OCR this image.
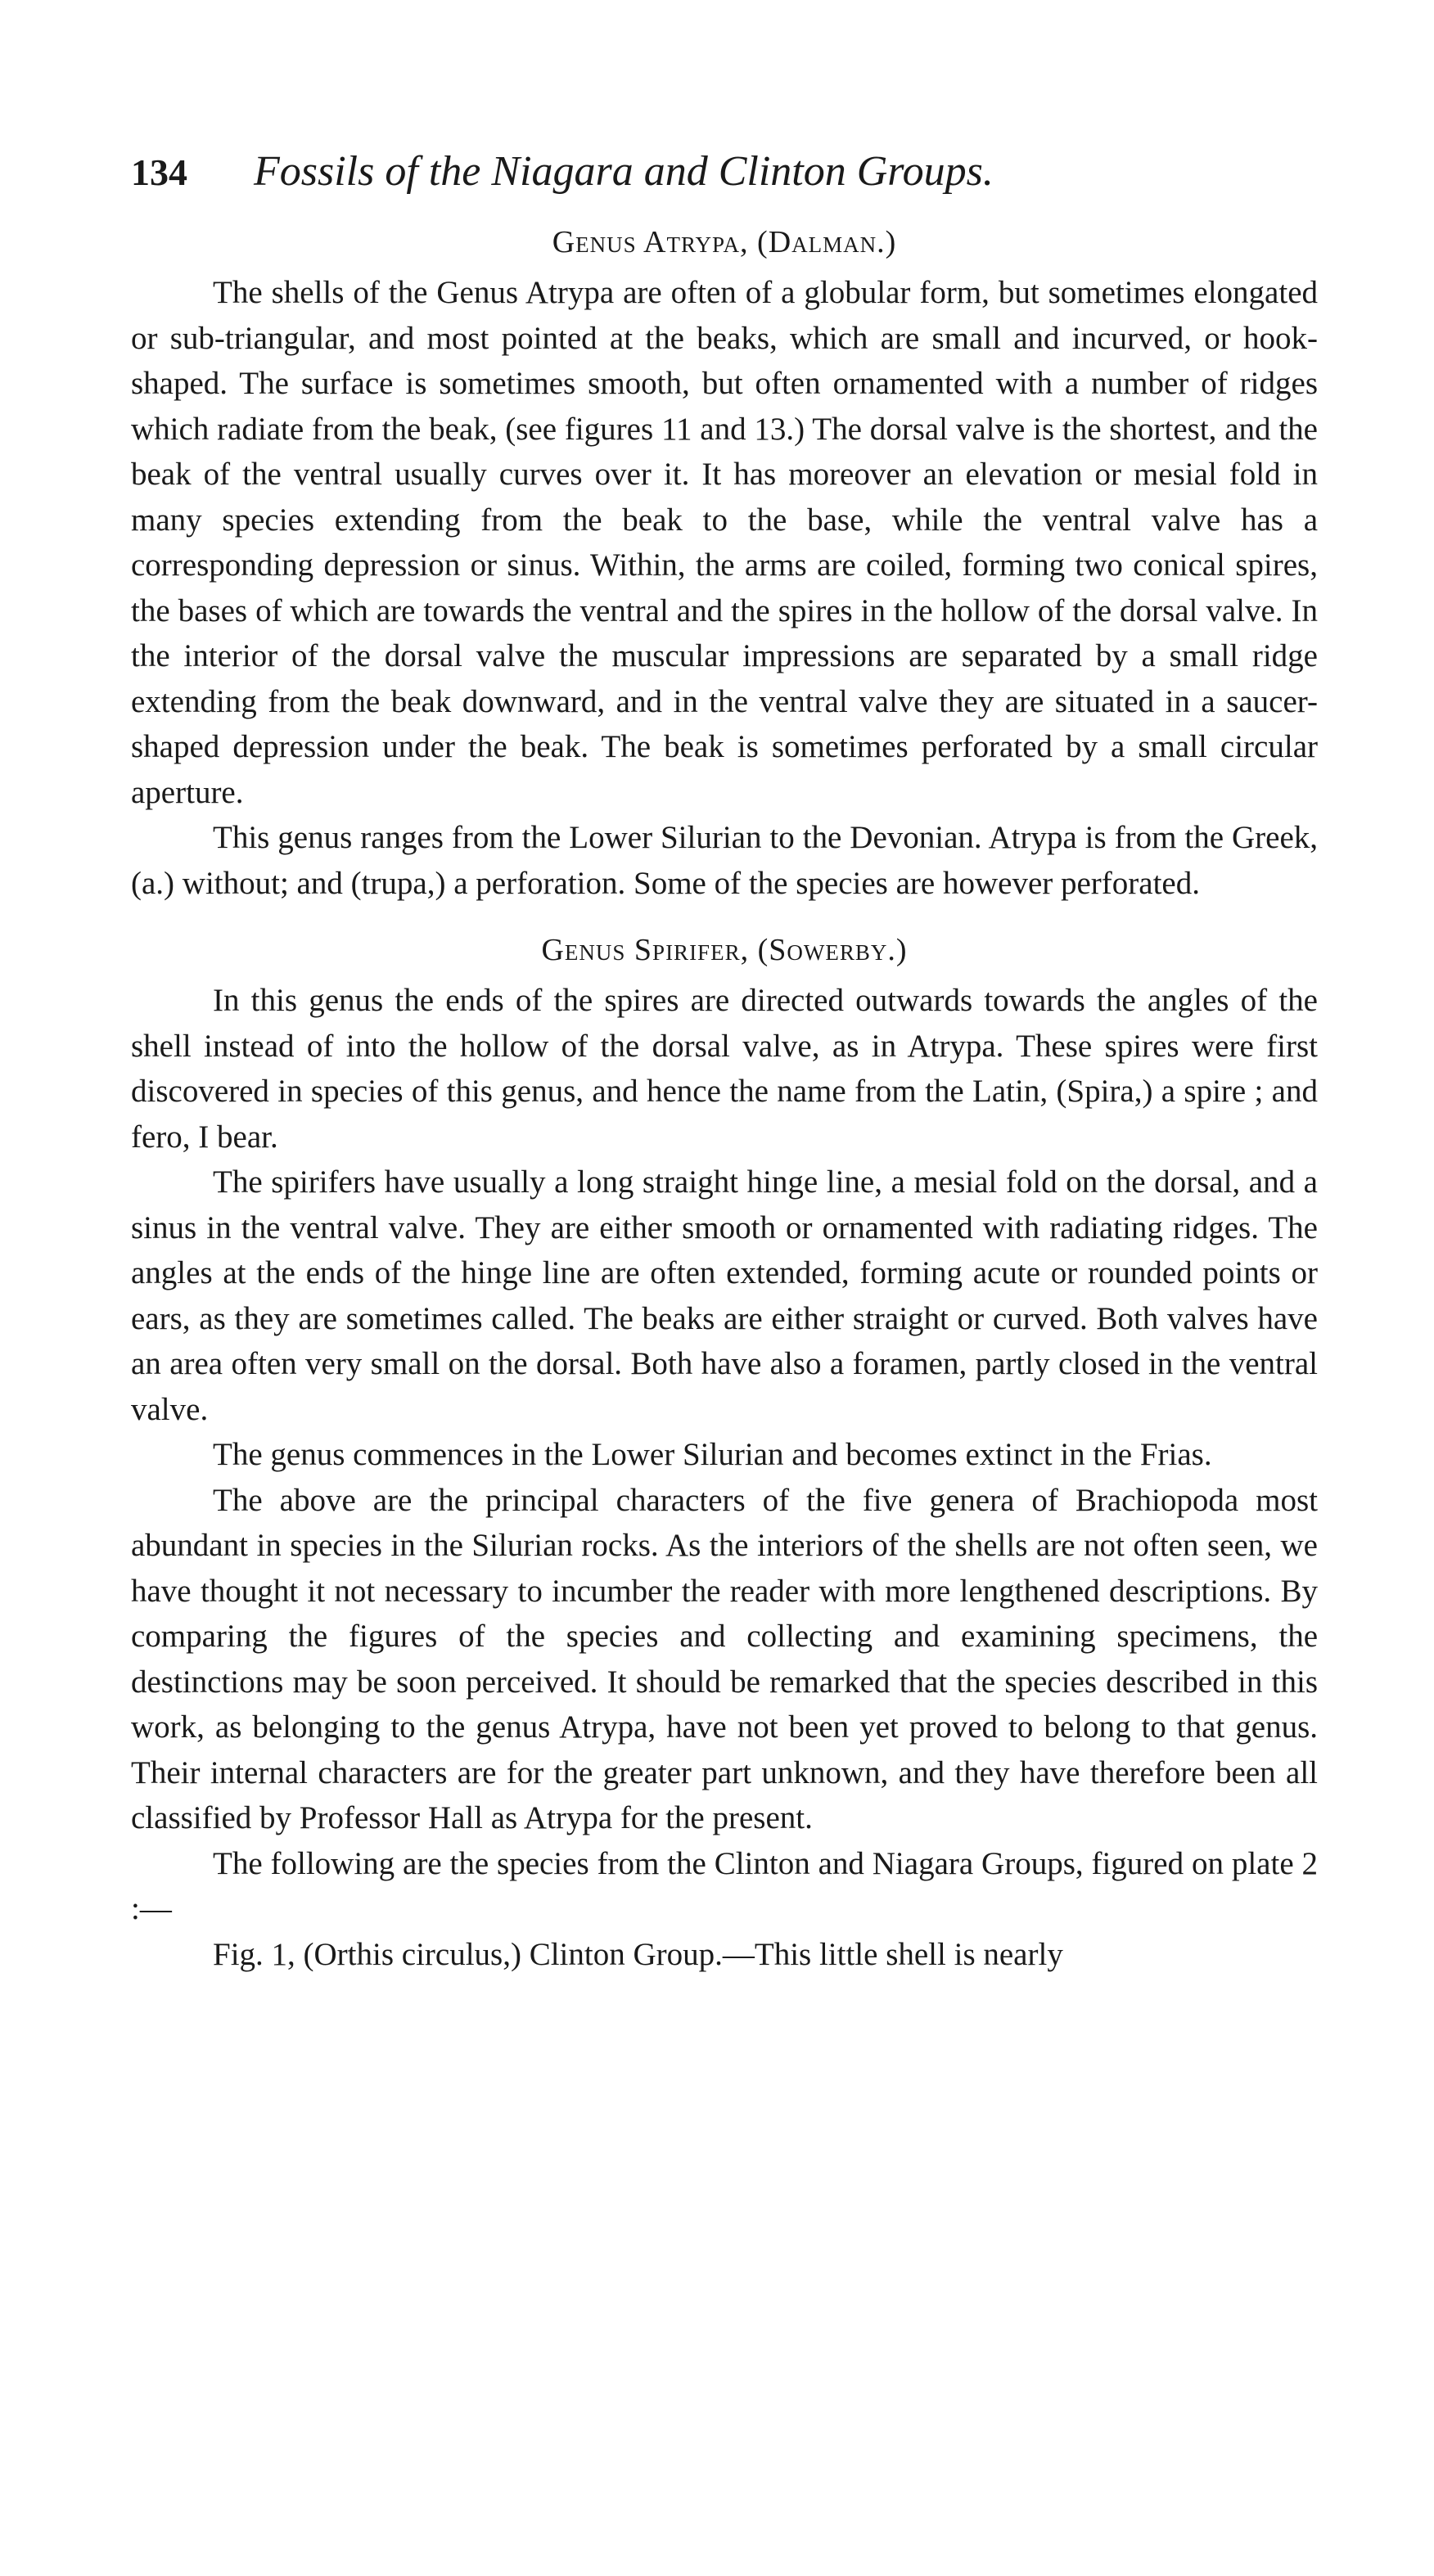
134	Fossils of the Niagara and Clinton Groups.
Genus Atrypa, (Dalman.)

The shells of the Genus Atrypa are often of a globular form, but sometimes elongated or sub-triangular, and most pointed at the beaks, which are small and incurved, or hook-shaped. The surface is sometimes smooth, but often ornamented with a number of ridges which radiate from the beak, (see figures 11 and 13.) The dorsal valve is the shortest, and the beak of the ventral usually curves over it. It has moreover an elevation or mesial fold in many species extending from the beak to the base, while the ventral valve has a corresponding depression or sinus. Within, the arms are coiled, forming two conical spires, the bases of which are towards the ventral and the spires in the hollow of the dorsal valve. In the interior of the dorsal valve the muscular impressions are separated by a small ridge extending from the beak downward, and in the ventral valve they are situated in a saucer-shaped depression under the beak. The beak is sometimes perforated by a small circular aperture.

This genus ranges from the Lower Silurian to the Devonian. Atrypa is from the Greek, (a.) without; and (trupa,) a perforation. Some of the species are however perforated.

Genus Spirifer, (Sowerby.)

In this genus the ends of the spires are directed outwards towards the angles of the shell instead of into the hollow of the dorsal valve, as in Atrypa. These spires were first discovered in species of this genus, and hence the name from the Latin, (Spira,) a spire ; and fero, I bear.

The spirifers have usually a long straight hinge line, a mesial fold on the dorsal, and a sinus in the ventral valve. They are either smooth or ornamented with radiating ridges. The angles at the ends of the hinge line are often extended, forming acute or rounded points or ears, as they are sometimes called. The beaks are either straight or curved. Both valves have an area often very small on the dorsal. Both have also a foramen, partly closed in the ventral valve.

The genus commences in the Lower Silurian and becomes extinct in the Frias.

The above are the principal characters of the five genera of Brachiopoda most abundant in species in the Silurian rocks. As the interiors of the shells are not often seen, we have thought it not necessary to incumber the reader with more lengthened descriptions. By comparing the figures of the species and collecting and examining specimens, the destinctions may be soon perceived. It should be remarked that the species described in this work, as belonging to the genus Atrypa, have not been yet proved to belong to that genus. Their internal characters are for the greater part unknown, and they have therefore been all classified by Professor Hall as Atrypa for the present.

The following are the species from the Clinton and Niagara Groups, figured on plate 2 :—

Fig. 1, (Orthis circulus,) Clinton Group.—This little shell is nearly
